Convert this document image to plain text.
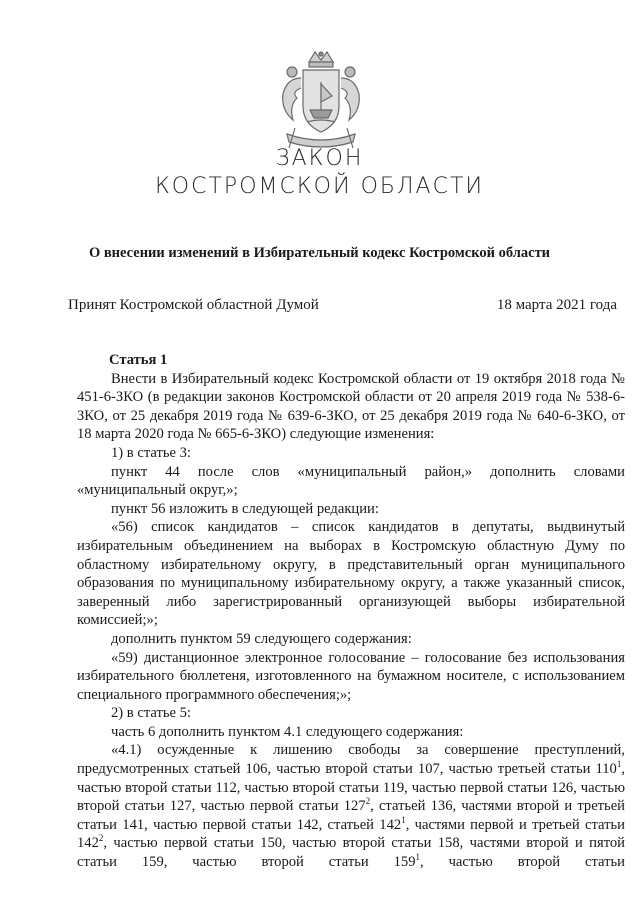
ЗАКОН
КОСТРОМСКОЙ ОБЛАСТИ
О внесении изменений в Избирательный кодекс Костромской области
Принят Костромской областной Думой	18 марта 2021 года

Статья 1

Внести в Избирательный кодекс Костромской области от 19 октября 2018 года № 451-6-ЗКО (в редакции законов Костромской области от 20 апреля 2019 года № 538-6-ЗКО, от 25 декабря 2019 года № 639-6-ЗКО, от 25 декабря 2019 года № 640-6-ЗКО, от 18 марта 2020 года № 665-6-ЗКО) следующие изменения:

1) в статье 3:

пункт 44 после слов «муниципальный район,» дополнить словами «муниципальный округ,»;

пункт 56 изложить в следующей редакции:

«56) список кандидатов – список кандидатов в депутаты, выдвинутый избирательным объединением на выборах в Костромскую областную Думу по областному избирательному округу, в представительный орган муниципального образования по муниципальному избирательному округу, а также указанный список, заверенный либо зарегистрированный организующей выборы избирательной комиссией;»;

дополнить пунктом 59 следующего содержания:

«59) дистанционное электронное голосование – голосование без использования избирательного бюллетеня, изготовленного на бумажном носителе, с использованием специального программного обеспечения;»;

2) в статье 5:

часть 6 дополнить пунктом 4.1 следующего содержания:

«4.1) осужденные к лишению свободы за совершение преступлений, предусмотренных статьей 106, частью второй статьи 107, частью третьей статьи $110^1$, частью второй статьи 112, частью второй статьи 119, частью первой статьи 126, частью второй статьи 127, частью первой статьи $127^2$, статьей 136, частями второй и третьей статьи 141, частью первой статьи 142, статьей $142^1$, частями первой и третьей статьи $142^2$, частью первой статьи 150, частью второй статьи 158, частями второй и пятой статьи 159, частью второй статьи $159^1$, частью второй статьи
